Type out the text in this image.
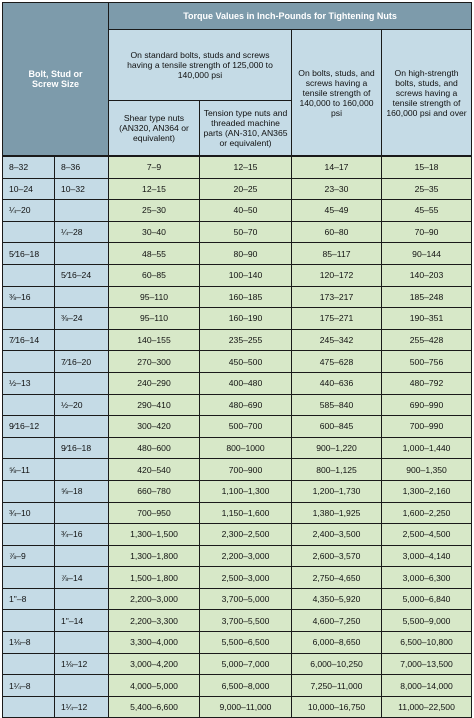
Bolt, Stud or Screw Size		Torque Values in Inch-Pounds for Tightening Nuts			
		On standard bolts, studs and screws having a tensile strength of 125,000 to 140,000 psi		On bolts, studs, and screws having a tensile strength of 140,000 to 160,000 psi	On high-strength bolts, studs, and screws having a tensile strength of 160,000 psi and over
		Shear type nuts (AN320, AN364 or equivalent)	Tension type nuts and threaded machine parts (AN-310, AN365 or equivalent)		
8–32	8–36	7–9	12–15	14–17	15–18
10–24	10–32	12–15	20–25	23–30	25–35
¼–20		25–30	40–50	45–49	45–55
	¼–28	30–40	50–70	60–80	70–90
5⁄16–18		48–55	80–90	85–117	90–144
	5⁄16–24	60–85	100–140	120–172	140–203
⅜–16		95–110	160–185	173–217	185–248
	⅜–24	95–110	160–190	175–271	190–351
7⁄16–14		140–155	235–255	245–342	255–428
	7⁄16–20	270–300	450–500	475–628	500–756
½–13		240–290	400–480	440–636	480–792
	½–20	290–410	480–690	585–840	690–990
9⁄16–12		300–420	500–700	600–845	700–990
	9⁄16–18	480–600	800–1000	900–1,220	1,000–1,440
⅝–11		420–540	700–900	800–1,125	900–1,350
	⅝–18	660–780	1,100–1,300	1,200–1,730	1,300–2,160
¾–10		700–950	1,150–1,600	1,380–1,925	1,600–2,250
	¾–16	1,300–1,500	2,300–2,500	2,400–3,500	2,500–4,500
⅞–9		1,300–1,800	2,200–3,000	2,600–3,570	3,000–4,140
	⅞–14	1,500–1,800	2,500–3,000	2,750–4,650	3,000–6,300
1"–8		2,200–3,000	3,700–5,000	4,350–5,920	5,000–6,840
	1"–14	2,200–3,300	3,700–5,500	4,600–7,250	5,500–9,000
1⅛–8		3,300–4,000	5,500–6,500	6,000–8,650	6,500–10,800
	1⅛–12	3,000–4,200	5,000–7,000	6,000–10,250	7,000–13,500
1¼–8		4,000–5,000	6,500–8,000	7,250–11,000	8,000–14,000
	1¼–12	5,400–6,600	9,000–11,000	10,000–16,750	11,000–22,500
